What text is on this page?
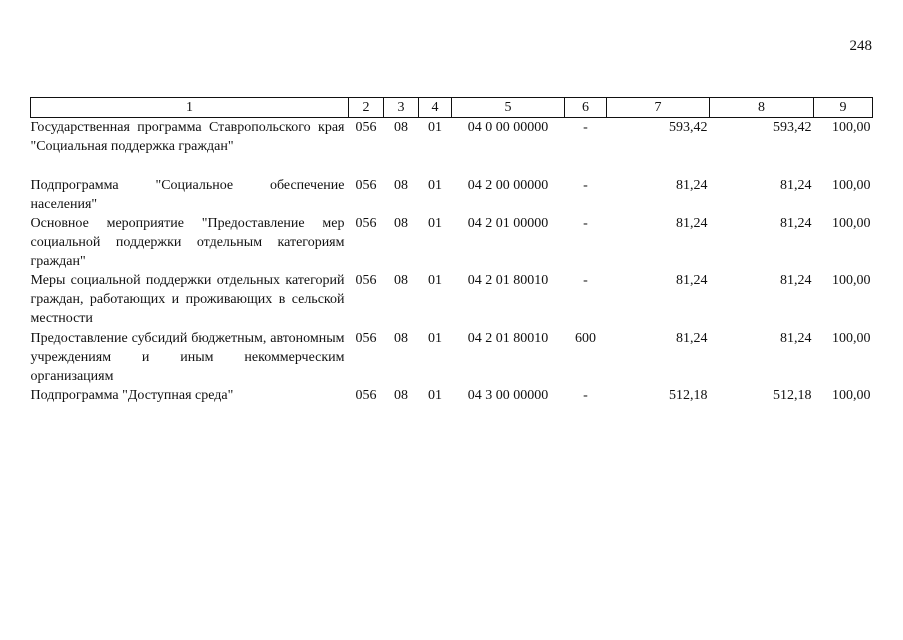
248
1	2	3	4	5	6	7	8	9
Государственная программа Ставропольского края "Социальная поддержка граждан"	056	08	01	04 0 00 00000	-	593,42	593,42	100,00
Подпрограмма "Социальное обеспечение населения"	056	08	01	04 2 00 00000	-	81,24	81,24	100,00
Основное мероприятие "Предоставление мер социальной поддержки отдельным категориям граждан"	056	08	01	04 2 01 00000	-	81,24	81,24	100,00
Меры социальной поддержки отдельных категорий граждан, работающих и проживающих в сельской местности	056	08	01	04 2 01 80010	-	81,24	81,24	100,00
Предоставление субсидий бюджетным, автономным учреждениям и иным некоммерческим организациям	056	08	01	04 2 01 80010	600	81,24	81,24	100,00
Подпрограмма "Доступная среда"	056	08	01	04 3 00 00000	-	512,18	512,18	100,00
